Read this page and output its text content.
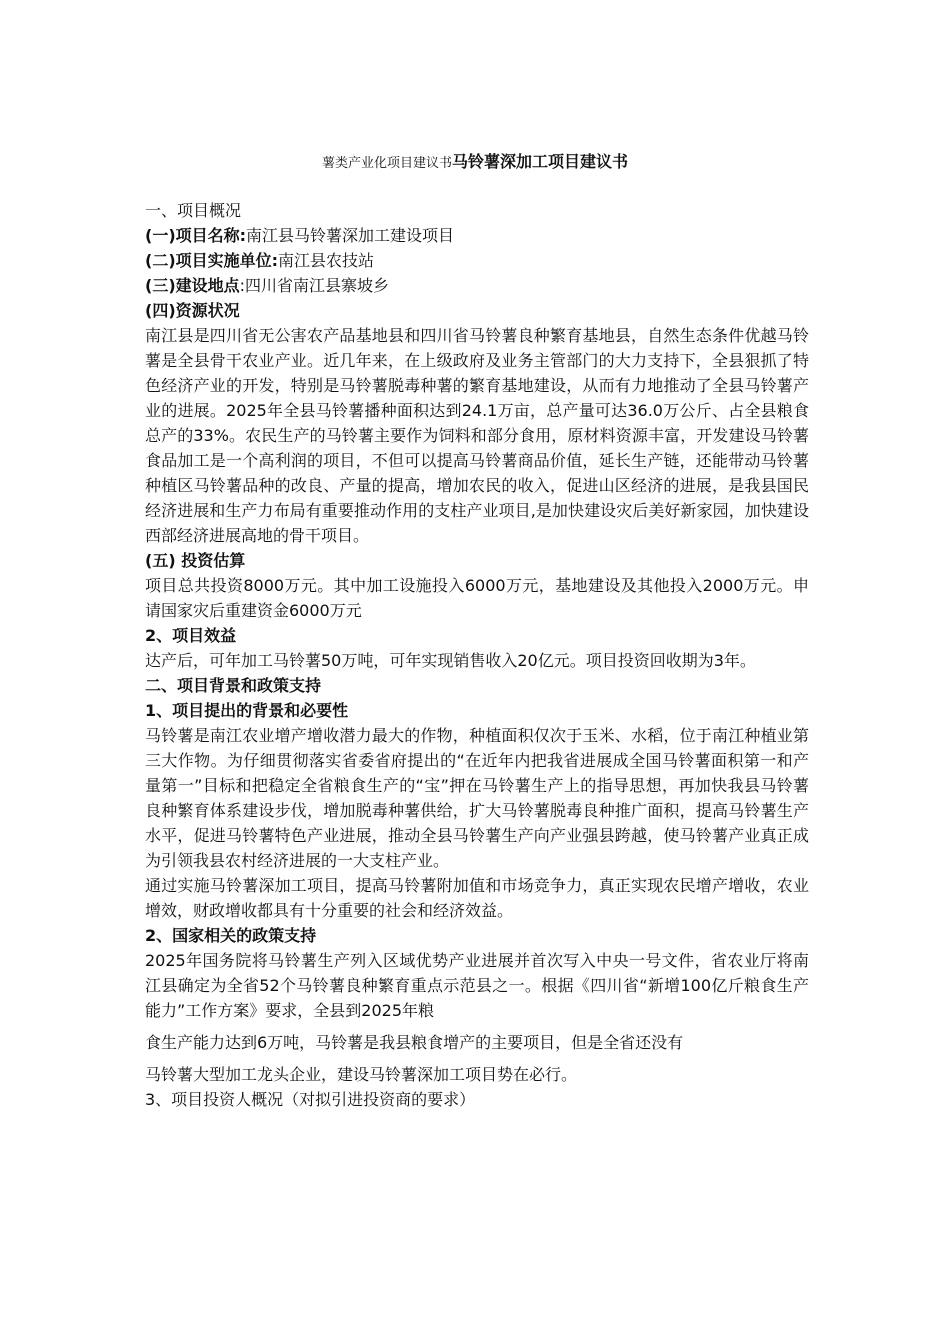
薯类产业化项目建议书马铃薯深加工项目建议书

一、项目概况

(一)项目名称:南江县马铃薯深加工建设项目

(二)项目实施单位:南江县农技站

(三)建设地点:四川省南江县寨坡乡

(四)资源状况

南江县是四川省无公害农产品基地县和四川省马铃薯良种繁育基地县，自然生态条件优越马铃薯是全县骨干农业产业。近几年来，在上级政府及业务主管部门的大力支持下，全县狠抓了特色经济产业的开发，特别是马铃薯脱毒种薯的繁育基地建设，从而有力地推动了全县马铃薯产业的进展。2025年全县马铃薯播种面积达到24.1万亩，总产量可达36.0万公斤、占全县粮食总产的33%。农民生产的马铃薯主要作为饲料和部分食用，原材料资源丰富，开发建设马铃薯食品加工是一个高利润的项目，不但可以提高马铃薯商品价值，延长生产链，还能带动马铃薯种植区马铃薯品种的改良、产量的提高，增加农民的收入，促进山区经济的进展，是我县国民经济进展和生产力布局有重要推动作用的支柱产业项目,是加快建设灾后美好新家园，加快建设西部经济进展高地的骨干项目。

(五) 投资估算

项目总共投资8000万元。其中加工设施投入6000万元，基地建设及其他投入2000万元。申请国家灾后重建资金6000万元

2、项目效益

达产后，可年加工马铃薯50万吨，可年实现销售收入20亿元。项目投资回收期为3年。

二、项目背景和政策支持

1、项目提出的背景和必要性

马铃薯是南江农业增产增收潜力最大的作物，种植面积仅次于玉米、水稻，位于南江种植业第三大作物。为仔细贯彻落实省委省府提出的“在近年内把我省进展成全国马铃薯面积第一和产量第一”目标和把稳定全省粮食生产的“宝”押在马铃薯生产上的指导思想，再加快我县马铃薯良种繁育体系建设步伐，增加脱毒种薯供给，扩大马铃薯脱毒良种推广面积，提高马铃薯生产水平，促进马铃薯特色产业进展，推动全县马铃薯生产向产业强县跨越，使马铃薯产业真正成为引领我县农村经济进展的一大支柱产业。

通过实施马铃薯深加工项目，提高马铃薯附加值和市场竞争力，真正实现农民增产增收，农业增效，财政增收都具有十分重要的社会和经济效益。

2、国家相关的政策支持

2025年国务院将马铃薯生产列入区域优势产业进展并首次写入中央一号文件，省农业厅将南江县确定为全省52个马铃薯良种繁育重点示范县之一。根据《四川省“新增100亿斤粮食生产能力”工作方案》要求，全县到2025年粮

食生产能力达到6万吨，马铃薯是我县粮食增产的主要项目，但是全省还没有

马铃薯大型加工龙头企业，建设马铃薯深加工项目势在必行。

3、项目投资人概况（对拟引进投资商的要求）
